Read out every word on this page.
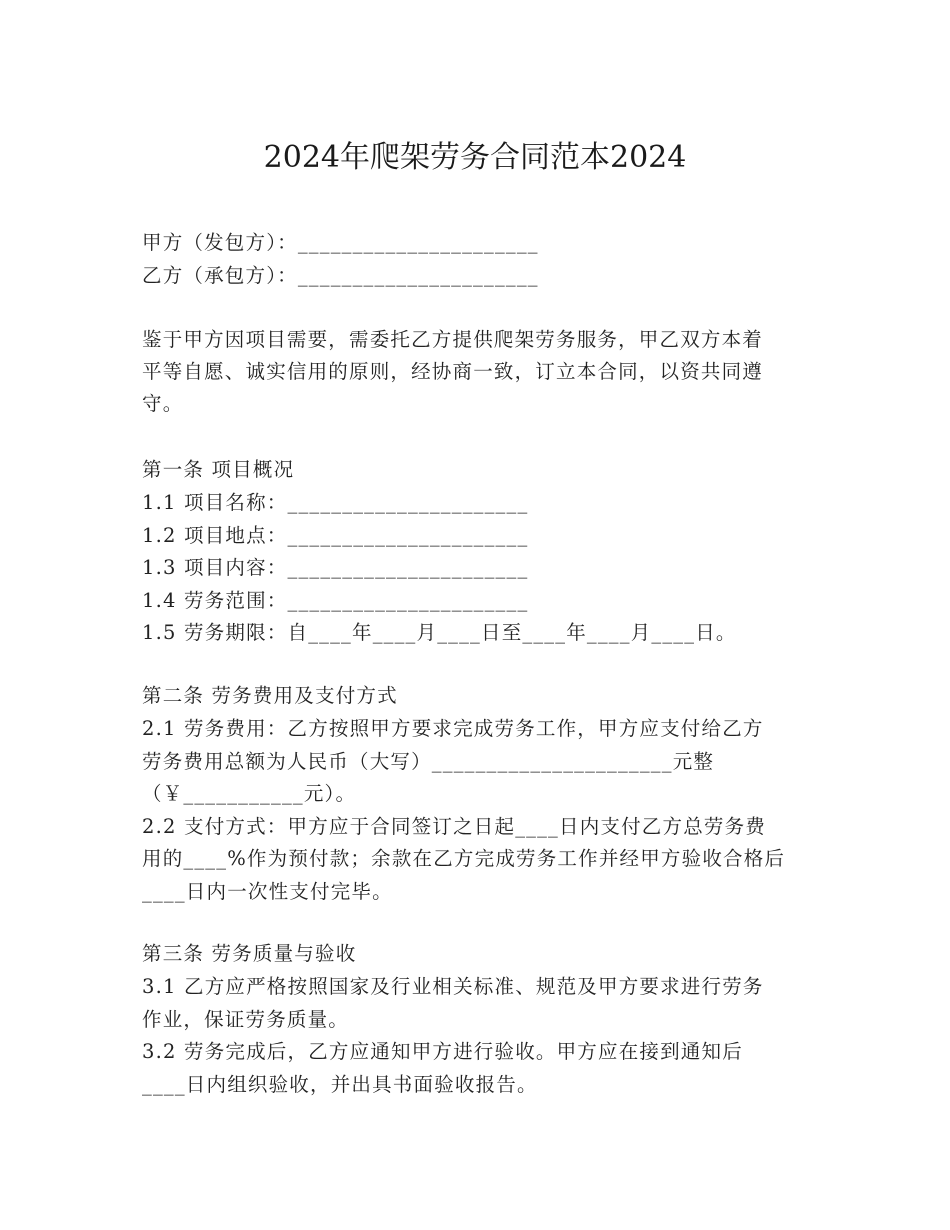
2024年爬架劳务合同范本2024
甲方（发包方）：______________________
乙方（承包方）：______________________
鉴于甲方因项目需要，需委托乙方提供爬架劳务服务，甲乙双方本着
平等自愿、诚实信用的原则，经协商一致，订立本合同，以资共同遵
守。
第一条 项目概况
1.1 项目名称：______________________
1.2 项目地点：______________________
1.3 项目内容：______________________
1.4 劳务范围：______________________
1.5 劳务期限：自____年____月____日至____年____月____日。
第二条 劳务费用及支付方式
2.1 劳务费用：乙方按照甲方要求完成劳务工作，甲方应支付给乙方
劳务费用总额为人民币（大写）______________________元整
（￥___________元）。
2.2 支付方式：甲方应于合同签订之日起____日内支付乙方总劳务费
用的____%作为预付款；余款在乙方完成劳务工作并经甲方验收合格后
____日内一次性支付完毕。
第三条 劳务质量与验收
3.1 乙方应严格按照国家及行业相关标准、规范及甲方要求进行劳务
作业，保证劳务质量。
3.2 劳务完成后，乙方应通知甲方进行验收。甲方应在接到通知后
____日内组织验收，并出具书面验收报告。
